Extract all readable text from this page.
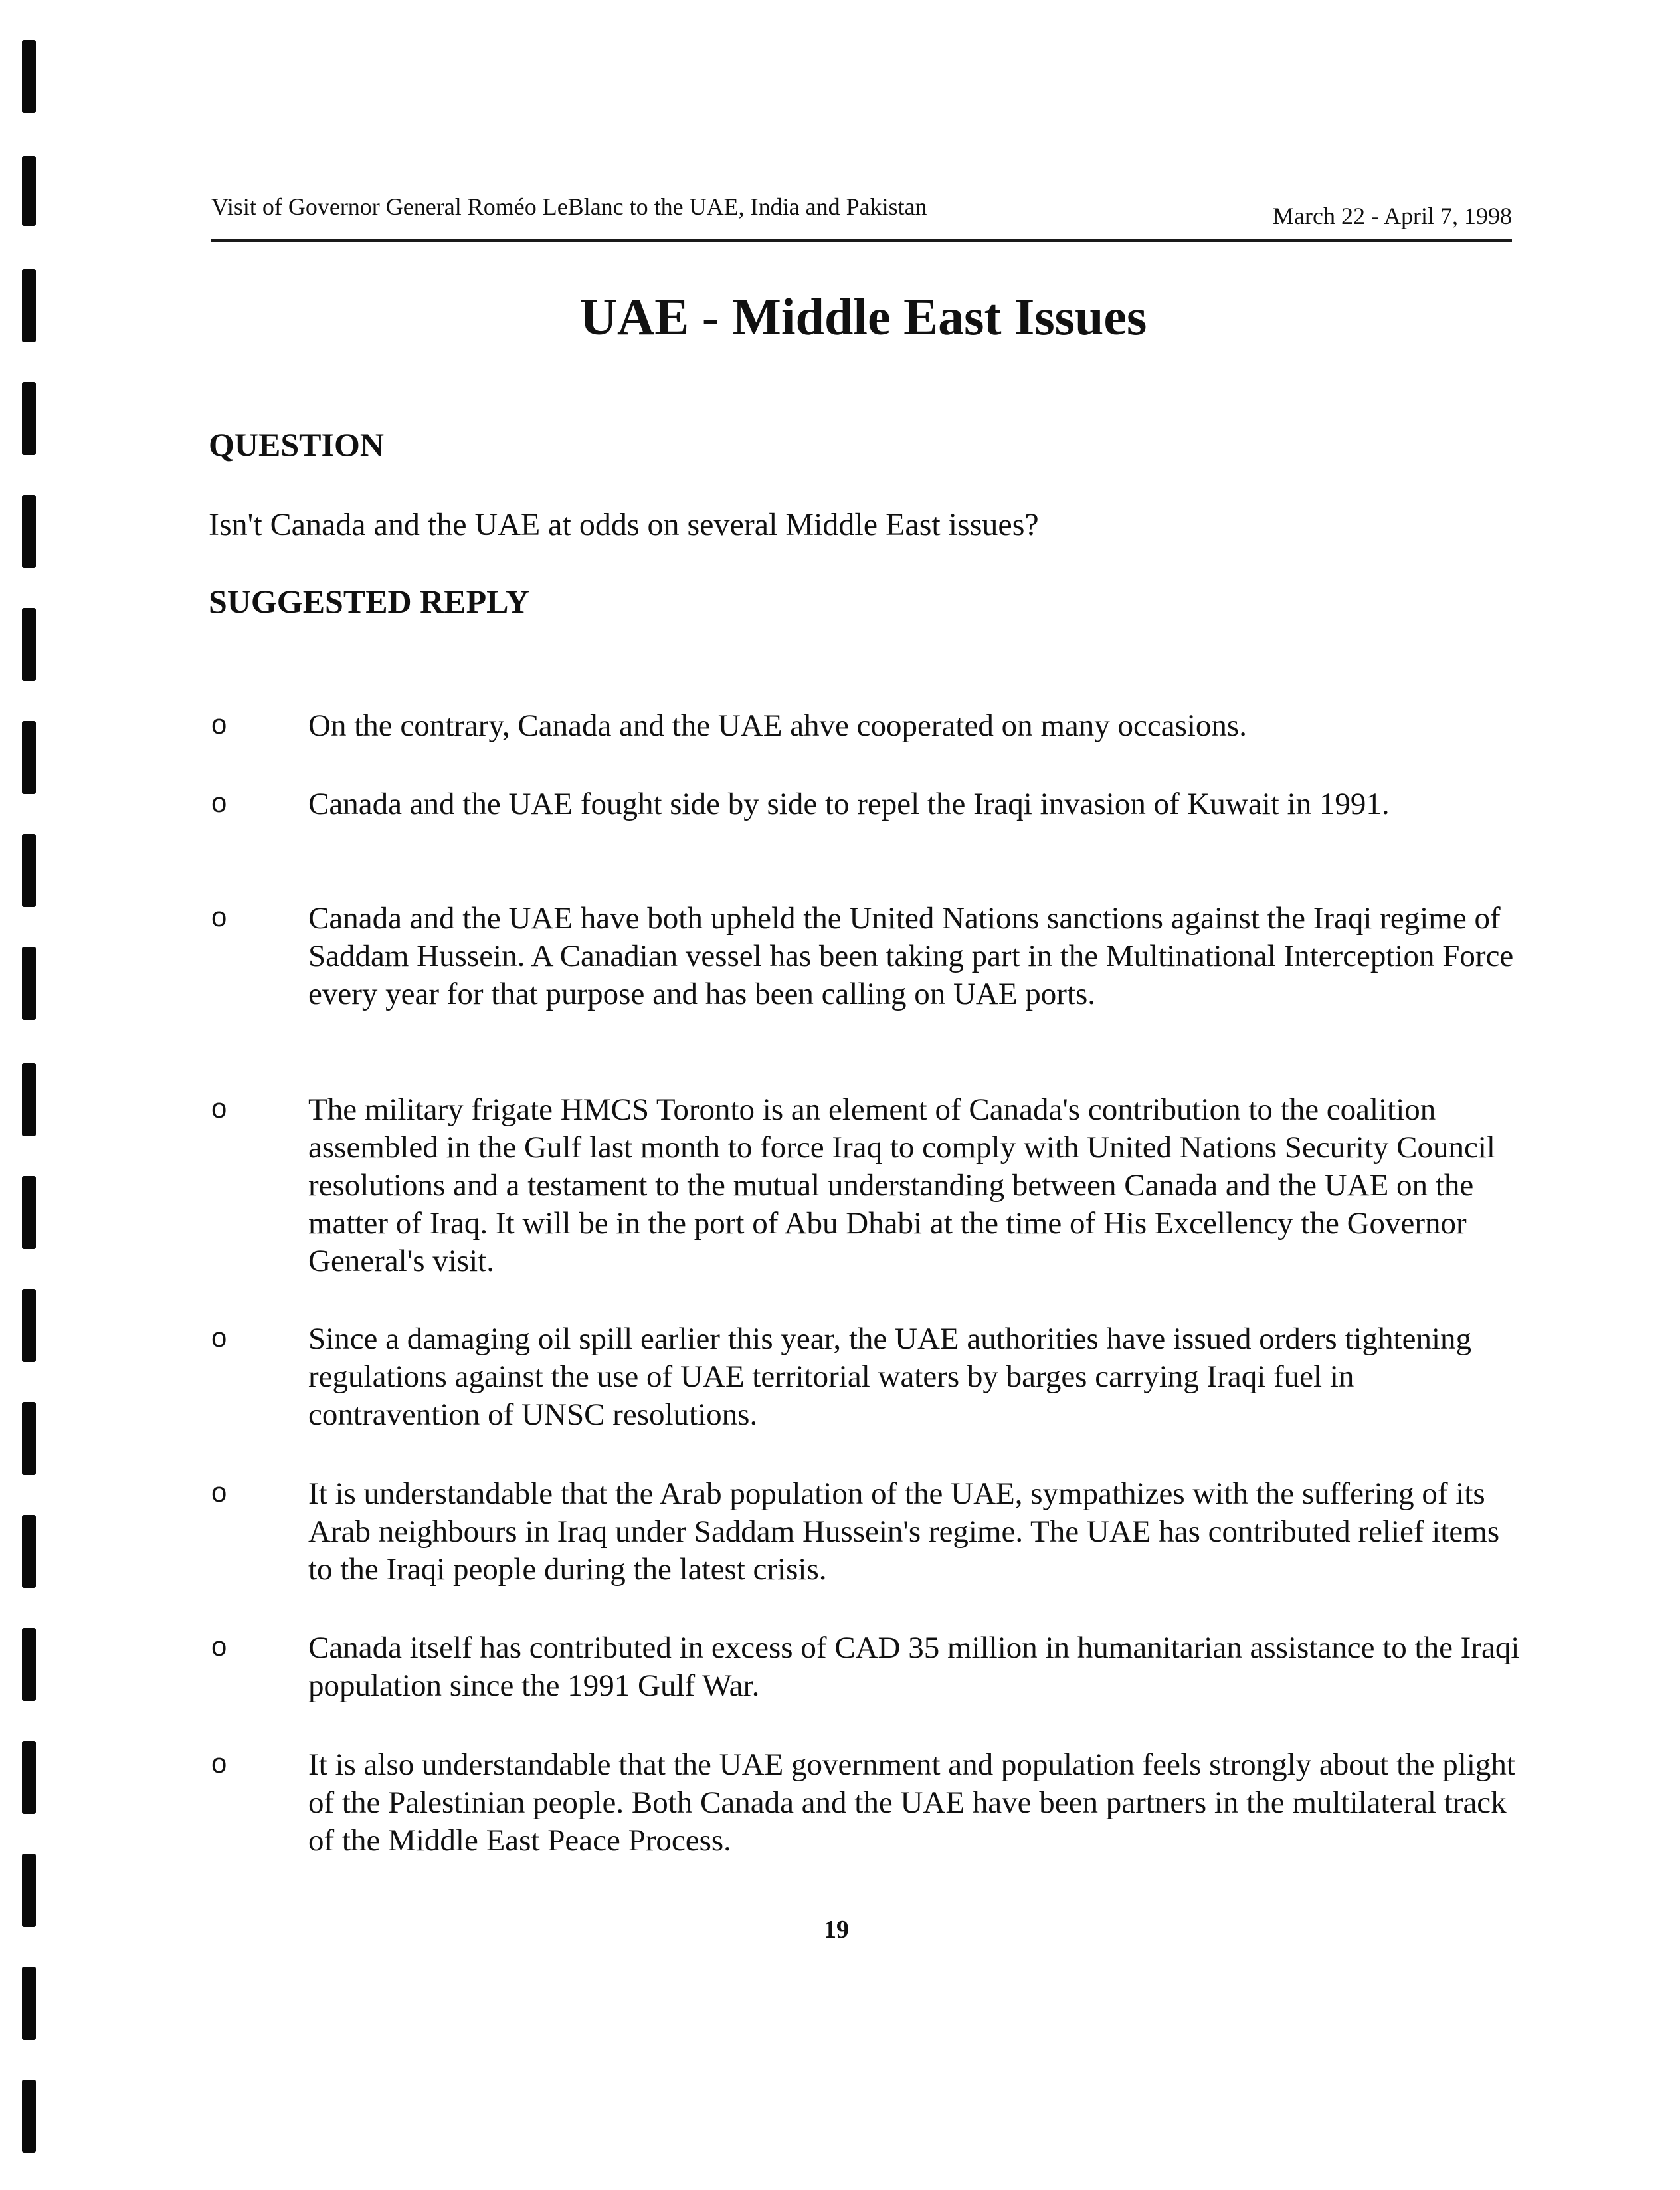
Visit of Governor General Roméo LeBlanc to the UAE, India and Pakistan	March 22 - April 7, 1998
UAE - Middle East Issues
QUESTION
Isn't Canada and the UAE at odds on several Middle East issues?
SUGGESTED REPLY
o	On the contrary, Canada and the UAE ahve cooperated on many occasions.
o	Canada and the UAE fought side by side to repel the Iraqi invasion of Kuwait in 1991.
o	Canada and the UAE have both upheld the United Nations sanctions against the Iraqi regime of Saddam Hussein. A Canadian vessel has been taking part in the Multinational Interception Force every year for that purpose and has been calling on UAE ports.
o	The military frigate HMCS Toronto is an element of Canada's contribution to the coalition assembled in the Gulf last month to force Iraq to comply with United Nations Security Council resolutions and a testament to the mutual understanding between Canada and the UAE on the matter of Iraq. It will be in the port of Abu Dhabi at the time of His Excellency the Governor General's visit.
o	Since a damaging oil spill earlier this year, the UAE authorities have issued orders tightening regulations against the use of UAE territorial waters by barges carrying Iraqi fuel in contravention of UNSC resolutions.
o	It is understandable that the Arab population of the UAE, sympathizes with the suffering of its Arab neighbours in Iraq under Saddam Hussein's regime. The UAE has contributed relief items to the Iraqi people during the latest crisis.
o	Canada itself has contributed in excess of CAD 35 million in humanitarian assistance to the Iraqi population since the 1991 Gulf War.
o	It is also understandable that the UAE government and population feels strongly about the plight of the Palestinian people. Both Canada and the UAE have been partners in the multilateral track of the Middle East Peace Process.
19
